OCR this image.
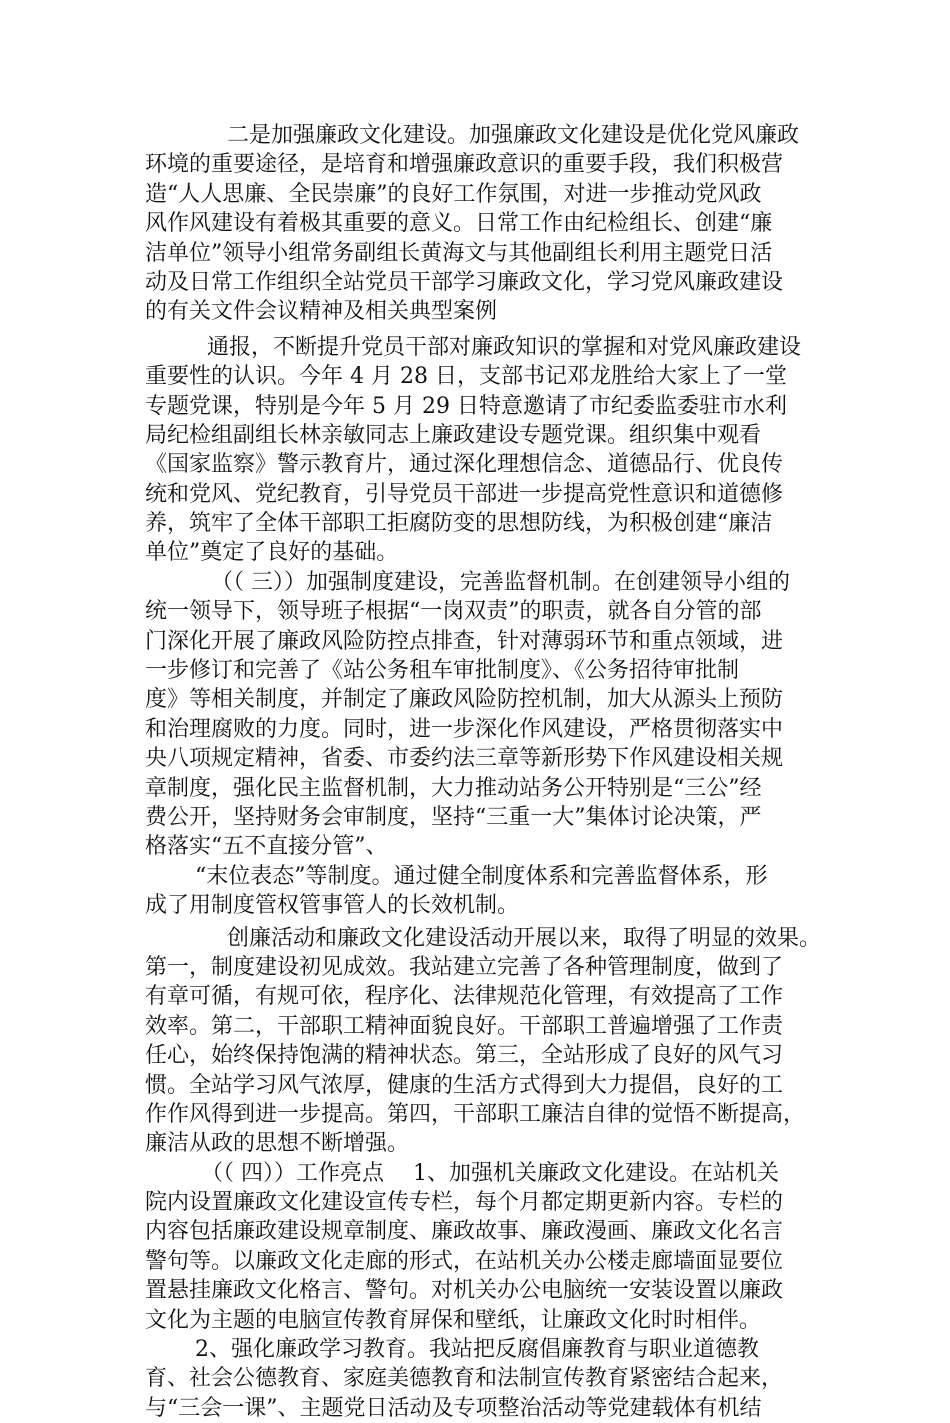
二是加强廉政文化建设。加强廉政文化建设是优化党风廉政
环境的重要途径，是培育和增强廉政意识的重要手段，我们积极营
造“人人思廉、全民崇廉”的良好工作氛围，对进一步推动党风政
风作风建设有着极其重要的意义。日常工作由纪检组长、创建“廉
洁单位”领导小组常务副组长黄海文与其他副组长利用主题党日活
动及日常工作组织全站党员干部学习廉政文化，学习党风廉政建设
的有关文件会议精神及相关典型案例
通报，不断提升党员干部对廉政知识的掌握和对党风廉政建设
重要性的认识。今年 4 月 28 日，支部书记邓龙胜给大家上了一堂
专题党课，特别是今年 5 月 29 日特意邀请了市纪委监委驻市水利
局纪检组副组长林亲敏同志上廉政建设专题党课。组织集中观看
《国家监察》警示教育片，通过深化理想信念、道德品行、优良传
统和党风、党纪教育，引导党员干部进一步提高党性意识和道德修
养，筑牢了全体干部职工拒腐防变的思想防线，为积极创建“廉洁
单位”奠定了良好的基础。
（（ 三））加强制度建设，完善监督机制。在创建领导小组的
统一领导下，领导班子根据“一岗双责”的职责，就各自分管的部
门深化开展了廉政风险防控点排查，针对薄弱环节和重点领域，进
一步修订和完善了《站公务租车审批制度》、《公务招待审批制
度》等相关制度，并制定了廉政风险防控机制，加大从源头上预防
和治理腐败的力度。同时，进一步深化作风建设，严格贯彻落实中
央八项规定精神，省委、市委约法三章等新形势下作风建设相关规
章制度，强化民主监督机制，大力推动站务公开特别是“三公”经
费公开，坚持财务会审制度，坚持“三重一大”集体讨论决策，严
格落实“五不直接分管”、
“末位表态”等制度。通过健全制度体系和完善监督体系，形
成了用制度管权管事管人的长效机制。
创廉活动和廉政文化建设活动开展以来，取得了明显的效果。
第一，制度建设初见成效。我站建立完善了各种管理制度，做到了
有章可循，有规可依，程序化、法律规范化管理，有效提高了工作
效率。第二，干部职工精神面貌良好。干部职工普遍增强了工作责
任心，始终保持饱满的精神状态。第三，全站形成了良好的风气习
惯。全站学习风气浓厚，健康的生活方式得到大力提倡，良好的工
作作风得到进一步提高。第四，干部职工廉洁自律的觉悟不断提高，
廉洁从政的思想不断增强。
（（ 四））工作亮点　 1、加强机关廉政文化建设。在站机关
院内设置廉政文化建设宣传专栏，每个月都定期更新内容。专栏的
内容包括廉政建设规章制度、廉政故事、廉政漫画、廉政文化名言
警句等。以廉政文化走廊的形式，在站机关办公楼走廊墙面显要位
置悬挂廉政文化格言、警句。对机关办公电脑统一安装设置以廉政
文化为主题的电脑宣传教育屏保和壁纸，让廉政文化时时相伴。
2、强化廉政学习教育。我站把反腐倡廉教育与职业道德教
育、社会公德教育、家庭美德教育和法制宣传教育紧密结合起来，
与“三会一课”、主题党日活动及专项整治活动等党建载体有机结
